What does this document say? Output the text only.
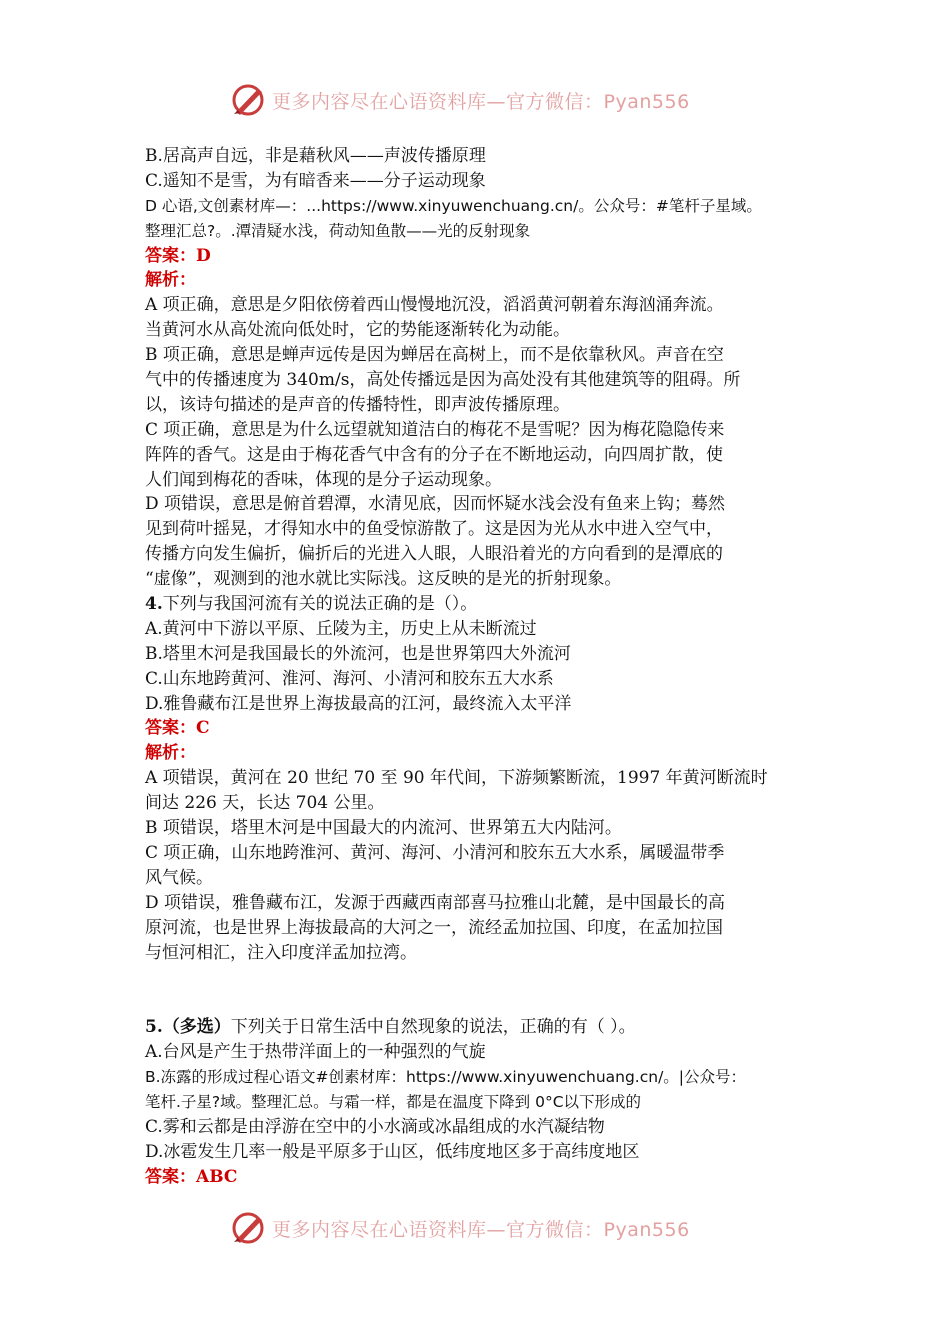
更多内容尽在心语资料库—官方微信：Pyan556
B.居高声自远，非是藉秋风——声波传播原理
C.遥知不是雪，为有暗香来——分子运动现象
D 心语,文创素材库—：...https://www.xinyuwenchuang.cn/。公众号：#笔杆子星域。
整理汇总?。.潭清疑水浅，荷动知鱼散——光的反射现象
答案：D
解析：
A 项正确，意思是夕阳依傍着西山慢慢地沉没，滔滔黄河朝着东海汹涌奔流。
当黄河水从高处流向低处时，它的势能逐渐转化为动能。
B 项正确，意思是蝉声远传是因为蝉居在高树上，而不是依靠秋风。声音在空
气中的传播速度为 340m/s，高处传播远是因为高处没有其他建筑等的阻碍。所
以，该诗句描述的是声音的传播特性，即声波传播原理。
C 项正确，意思是为什么远望就知道洁白的梅花不是雪呢？因为梅花隐隐传来
阵阵的香气。这是由于梅花香气中含有的分子在不断地运动，向四周扩散，使
人们闻到梅花的香味，体现的是分子运动现象。
D 项错误，意思是俯首碧潭，水清见底，因而怀疑水浅会没有鱼来上钩；蓦然
见到荷叶摇晃，才得知水中的鱼受惊游散了。这是因为光从水中进入空气中，
传播方向发生偏折，偏折后的光进入人眼，人眼沿着光的方向看到的是潭底的
“虚像”，观测到的池水就比实际浅。这反映的是光的折射现象。
4.下列与我国河流有关的说法正确的是（）。
A.黄河中下游以平原、丘陵为主，历史上从未断流过
B.塔里木河是我国最长的外流河，也是世界第四大外流河
C.山东地跨黄河、淮河、海河、小清河和胶东五大水系
D.雅鲁藏布江是世界上海拔最高的江河，最终流入太平洋
答案：C
解析：
A 项错误，黄河在 20 世纪 70 至 90 年代间，下游频繁断流，1997 年黄河断流时
间达 226 天，长达 704 公里。
B 项错误，塔里木河是中国最大的内流河、世界第五大内陆河。
C 项正确，山东地跨淮河、黄河、海河、小清河和胶东五大水系，属暖温带季
风气候。
D 项错误，雅鲁藏布江，发源于西藏西南部喜马拉雅山北麓，是中国最长的高
原河流，也是世界上海拔最高的大河之一，流经孟加拉国、印度，在孟加拉国
与恒河相汇，注入印度洋孟加拉湾。
5.（多选）下列关于日常生活中自然现象的说法，正确的有（ ）。
A.台风是产生于热带洋面上的一种强烈的气旋
B.冻露的形成过程心语文#创素材库：https://www.xinyuwenchuang.cn/。|公众号：
笔杆.子星?域。整理汇总。与霜一样，都是在温度下降到 0°C以下形成的
C.雾和云都是由浮游在空中的小水滴或冰晶组成的水汽凝结物
D.冰雹发生几率一般是平原多于山区，低纬度地区多于高纬度地区
答案：ABC
更多内容尽在心语资料库—官方微信：Pyan556
